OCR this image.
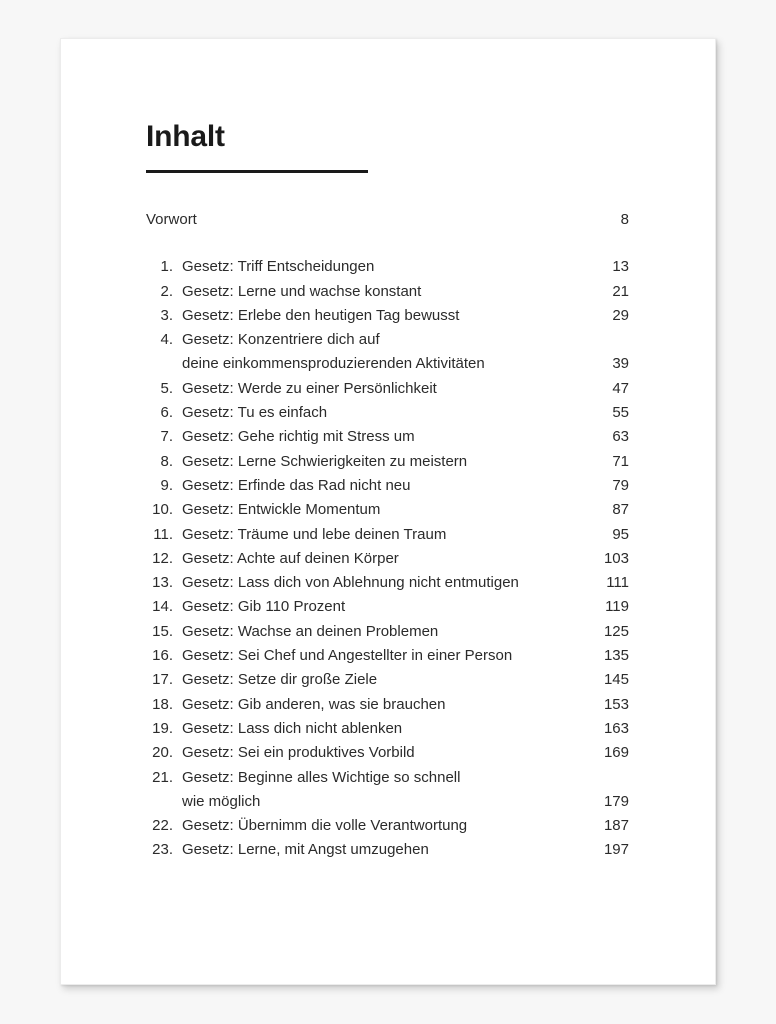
Inhalt
Vorwort	8
1. Gesetz: Triff Entscheidungen	13
2. Gesetz: Lerne und wachse konstant	21
3. Gesetz: Erlebe den heutigen Tag bewusst	29
4. Gesetz: Konzentriere dich auf
deine einkommensproduzierenden Aktivitäten	39
5. Gesetz: Werde zu einer Persönlichkeit	47
6. Gesetz: Tu es einfach	55
7. Gesetz: Gehe richtig mit Stress um	63
8. Gesetz: Lerne Schwierigkeiten zu meistern	71
9. Gesetz: Erfinde das Rad nicht neu	79
10. Gesetz: Entwickle Momentum	87
11. Gesetz: Träume und lebe deinen Traum	95
12. Gesetz: Achte auf deinen Körper	103
13. Gesetz: Lass dich von Ablehnung nicht entmutigen	111
14. Gesetz: Gib 110 Prozent	119
15. Gesetz: Wachse an deinen Problemen	125
16. Gesetz: Sei Chef und Angestellter in einer Person	135
17. Gesetz: Setze dir große Ziele	145
18. Gesetz: Gib anderen, was sie brauchen	153
19. Gesetz: Lass dich nicht ablenken	163
20. Gesetz: Sei ein produktives Vorbild	169
21. Gesetz: Beginne alles Wichtige so schnell
wie möglich	179
22. Gesetz: Übernimm die volle Verantwortung	187
23. Gesetz: Lerne, mit Angst umzugehen	197
